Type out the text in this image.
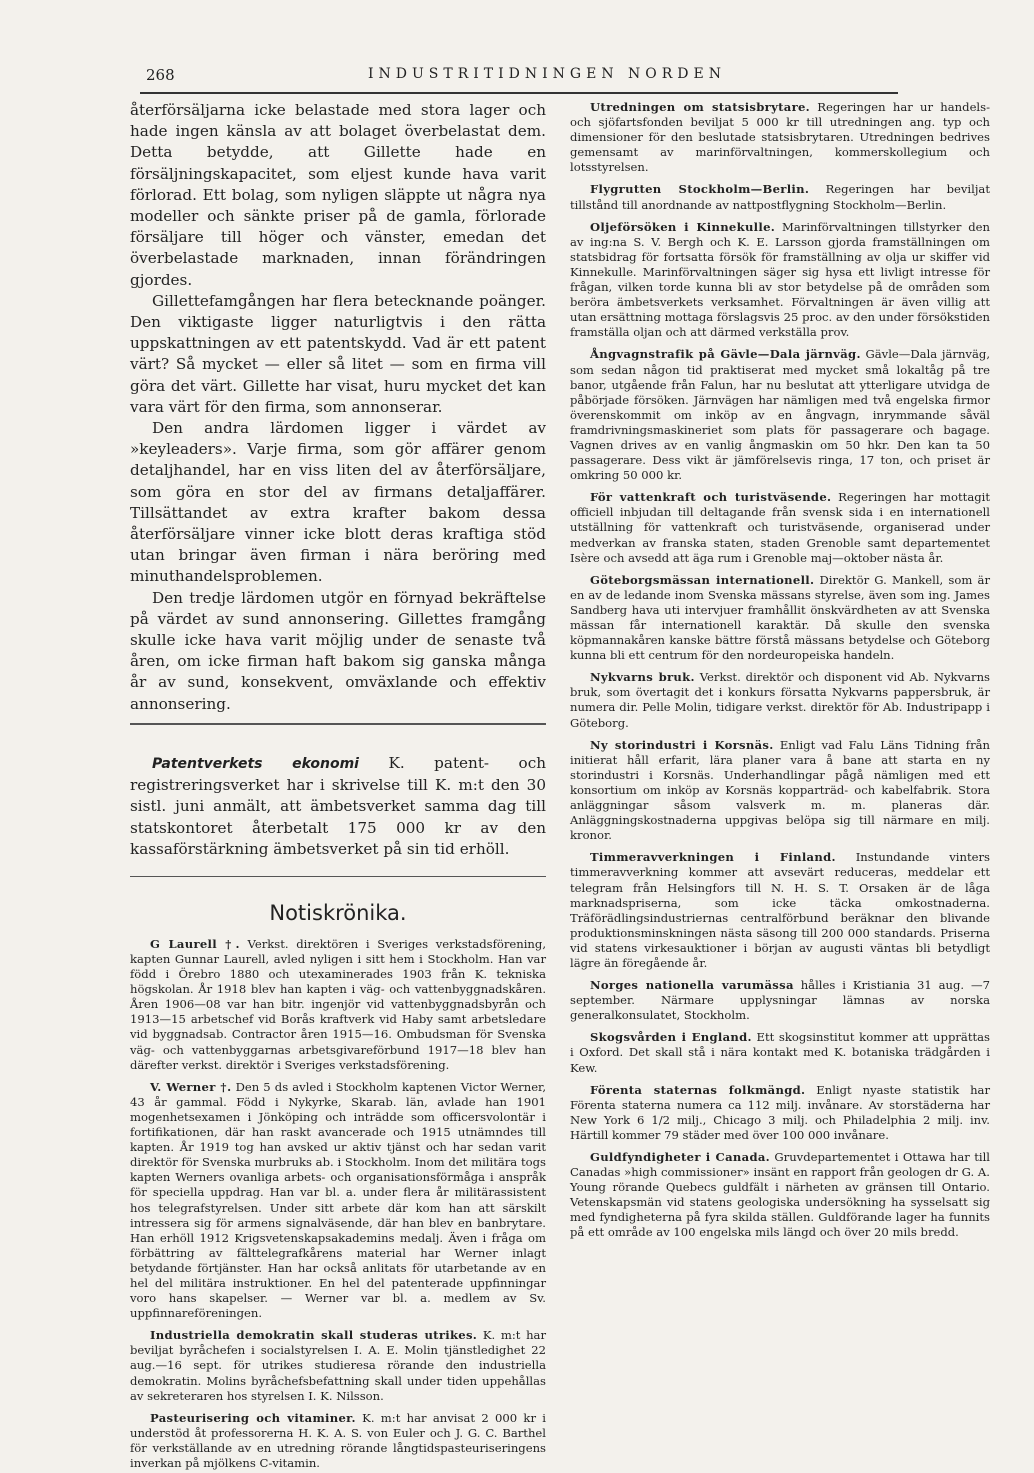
268	INDUSTRITIDNINGEN NORDEN

återförsäljarna icke belastade med stora lager och hade ingen känsla av att bolaget överbelastat dem. Detta betydde, att Gillette hade en försäljningskapacitet, som eljest kunde hava varit förlorad. Ett bolag, som nyligen släppte ut några nya modeller och sänkte priser på de gamla, förlorade försäljare till höger och vänster, emedan det överbelastade marknaden, innan förändringen gjordes.

Gillettefamgången har flera betecknande poänger. Den viktigaste ligger naturligtvis i den rätta uppskattningen av ett patentskydd. Vad är ett patent värt? Så mycket — eller så litet — som en firma vill göra det värt. Gillette har visat, huru mycket det kan vara värt för den firma, som annonserar.

Den andra lärdomen ligger i värdet av »keyleaders». Varje firma, som gör affärer genom detaljhandel, har en viss liten del av återförsäljare, som göra en stor del av firmans detaljaffärer. Tillsättandet av extra krafter bakom dessa återförsäljare vinner icke blott deras kraftiga stöd utan bringar även firman i nära beröring med minuthandelsproblemen.

Den tredje lärdomen utgör en förnyad bekräftelse på värdet av sund annonsering. Gillettes framgång skulle icke hava varit möjlig under de senaste två åren, om icke firman haft bakom sig ganska många år av sund, konsekvent, omväxlande och effektiv annonsering.

Patentverkets ekonomi K. patent- och registreringsverket har i skrivelse till K. m:t den 30 sistl. juni anmält, att ämbetsverket samma dag till statskontoret återbetalt 175 000 kr av den kassaförstärkning ämbetsverket på sin tid erhöll.

Notiskrönika.

G Laurell †. Verkst. direktören i Sveriges verkstadsförening, kapten Gunnar Laurell, avled nyligen i sitt hem i Stockholm. Han var född i Örebro 1880 och utexaminerades 1903 från K. tekniska högskolan. År 1918 blev han kapten i väg- och vattenbyggnadskåren. Åren 1906—08 var han bitr. ingenjör vid vattenbyggnadsbyrån och 1913—15 arbetschef vid Borås kraftverk vid Haby samt arbetsledare vid byggnadsab. Contractor åren 1915—16. Ombudsman för Svenska väg- och vattenbyggarnas arbetsgivareförbund 1917—18 blev han därefter verkst. direktör i Sveriges verkstadsförening.

V. Werner †. Den 5 ds avled i Stockholm kaptenen Victor Werner, 43 år gammal. Född i Nykyrke, Skarab. län, avlade han 1901 mogenhetsexamen i Jönköping och inträdde som officersvolontär i fortifikationen, där han raskt avancerade och 1915 utnämndes till kapten. År 1919 tog han avsked ur aktiv tjänst och har sedan varit direktör för Svenska murbruks ab. i Stockholm. Inom det militära togs kapten Werners ovanliga arbets- och organisationsförmåga i anspråk för speciella uppdrag. Han var bl. a. under flera år militärassistent hos telegrafstyrelsen. Under sitt arbete där kom han att särskilt intressera sig för armens signalväsende, där han blev en banbrytare. Han erhöll 1912 Krigsvetenskapsakademins medalj. Även i fråga om förbättring av fälttelegrafkårens material har Werner inlagt betydande förtjänster. Han har också anlitats för utarbetande av en hel del militära instruktioner. En hel del patenterade uppfinningar voro hans skapelser. — Werner var bl. a. medlem av Sv. uppfinnareföreningen.

Industriella demokratin skall studeras utrikes. K. m:t har beviljat byråchefen i socialstyrelsen I. A. E. Molin tjänstledighet 22 aug.—16 sept. för utrikes studieresa rörande den industriella demokratin. Molins byråchefsbefattning skall under tiden uppehållas av sekreteraren hos styrelsen I. K. Nilsson.

Pasteurisering och vitaminer. K. m:t har anvisat 2 000 kr i understöd åt professorerna H. K. A. S. von Euler och J. G. C. Barthel för verkställande av en utredning rörande långtidspasteuriseringens inverkan på mjölkens C-vitamin.

Utredningen om statsisbrytare. Regeringen har ur handels- och sjöfartsfonden beviljat 5 000 kr till utredningen ang. typ och dimensioner för den beslutade statsisbrytaren. Utredningen bedrives gemensamt av marinförvaltningen, kommerskollegium och lotsstyrelsen.

Flygrutten Stockholm—Berlin. Regeringen har beviljat tillstånd till anordnande av nattpostflygning Stockholm—Berlin.

Oljeförsöken i Kinnekulle. Marinförvaltningen tillstyrker den av ing:na S. V. Bergh och K. E. Larsson gjorda framställningen om statsbidrag för fortsatta försök för framställning av olja ur skiffer vid Kinnekulle. Marinförvaltningen säger sig hysa ett livligt intresse för frågan, vilken torde kunna bli av stor betydelse på de områden som beröra ämbetsverkets verksamhet. Förvaltningen är även villig att utan ersättning mottaga förslagsvis 25 proc. av den under försökstiden framställa oljan och att därmed verkställa prov.

Ångvagnstrafik på Gävle—Dala järnväg. Gävle—Dala järnväg, som sedan någon tid praktiserat med mycket små lokaltåg på tre banor, utgående från Falun, har nu beslutat att ytterligare utvidga de påbörjade försöken. Järnvägen har nämligen med två engelska firmor överenskommit om inköp av en ångvagn, inrymmande såväl framdrivningsmaskineriet som plats för passagerare och bagage. Vagnen drives av en vanlig ångmaskin om 50 hkr. Den kan ta 50 passagerare. Dess vikt är jämförelsevis ringa, 17 ton, och priset är omkring 50 000 kr.

För vattenkraft och turistväsende. Regeringen har mottagit officiell inbjudan till deltagande från svensk sida i en internationell utställning för vattenkraft och turistväsende, organiserad under medverkan av franska staten, staden Grenoble samt departementet Isère och avsedd att äga rum i Grenoble maj—oktober nästa år.

Göteborgsmässan internationell. Direktör G. Mankell, som är en av de ledande inom Svenska mässans styrelse, även som ing. James Sandberg hava uti intervjuer framhållit önskvärdheten av att Svenska mässan får internationell karaktär. Då skulle den svenska köpmannakåren kanske bättre förstå mässans betydelse och Göteborg kunna bli ett centrum för den nordeuropeiska handeln.

Nykvarns bruk. Verkst. direktör och disponent vid Ab. Nykvarns bruk, som övertagit det i konkurs försatta Nykvarns pappersbruk, är numera dir. Pelle Molin, tidigare verkst. direktör för Ab. Industripapp i Göteborg.

Ny storindustri i Korsnäs. Enligt vad Falu Läns Tidning från initierat håll erfarit, lära planer vara å bane att starta en ny storindustri i Korsnäs. Underhandlingar pågå nämligen med ett konsortium om inköp av Korsnäs kopparträd- och kabelfabrik. Stora anläggningar såsom valsverk m. m. planeras där. Anläggningskostnaderna uppgivas belöpa sig till närmare en milj. kronor.

Timmeravverkningen i Finland. Instundande vinters timmeravverkning kommer att avsevärt reduceras, meddelar ett telegram från Helsingfors till N. H. S. T. Orsaken är de låga marknadspriserna, som icke täcka omkostnaderna. Träförädlingsindustriernas centralförbund beräknar den blivande produktionsminskningen nästa säsong till 200 000 standards. Priserna vid statens virkesauktioner i början av augusti väntas bli betydligt lägre än föregående år.

Norges nationella varumässa hålles i Kristiania 31 aug. —7 september. Närmare upplysningar lämnas av norska generalkonsulatet, Stockholm.

Skogsvården i England. Ett skogsinstitut kommer att upprättas i Oxford. Det skall stå i nära kontakt med K. botaniska trädgården i Kew.

Förenta staternas folkmängd. Enligt nyaste statistik har Förenta staterna numera ca 112 milj. invånare. Av storstäderna har New York 6 1/2 milj., Chicago 3 milj. och Philadelphia 2 milj. inv. Härtill kommer 79 städer med över 100 000 invånare.

Guldfyndigheter i Canada. Gruvdepartementet i Ottawa har till Canadas »high commissioner» insänt en rapport från geologen dr G. A. Young rörande Quebecs guldfält i närheten av gränsen till Ontario. Vetenskapsmän vid statens geologiska undersökning ha sysselsatt sig med fyndigheterna på fyra skilda ställen. Guldförande lager ha funnits på ett område av 100 engelska mils längd och över 20 mils bredd.
